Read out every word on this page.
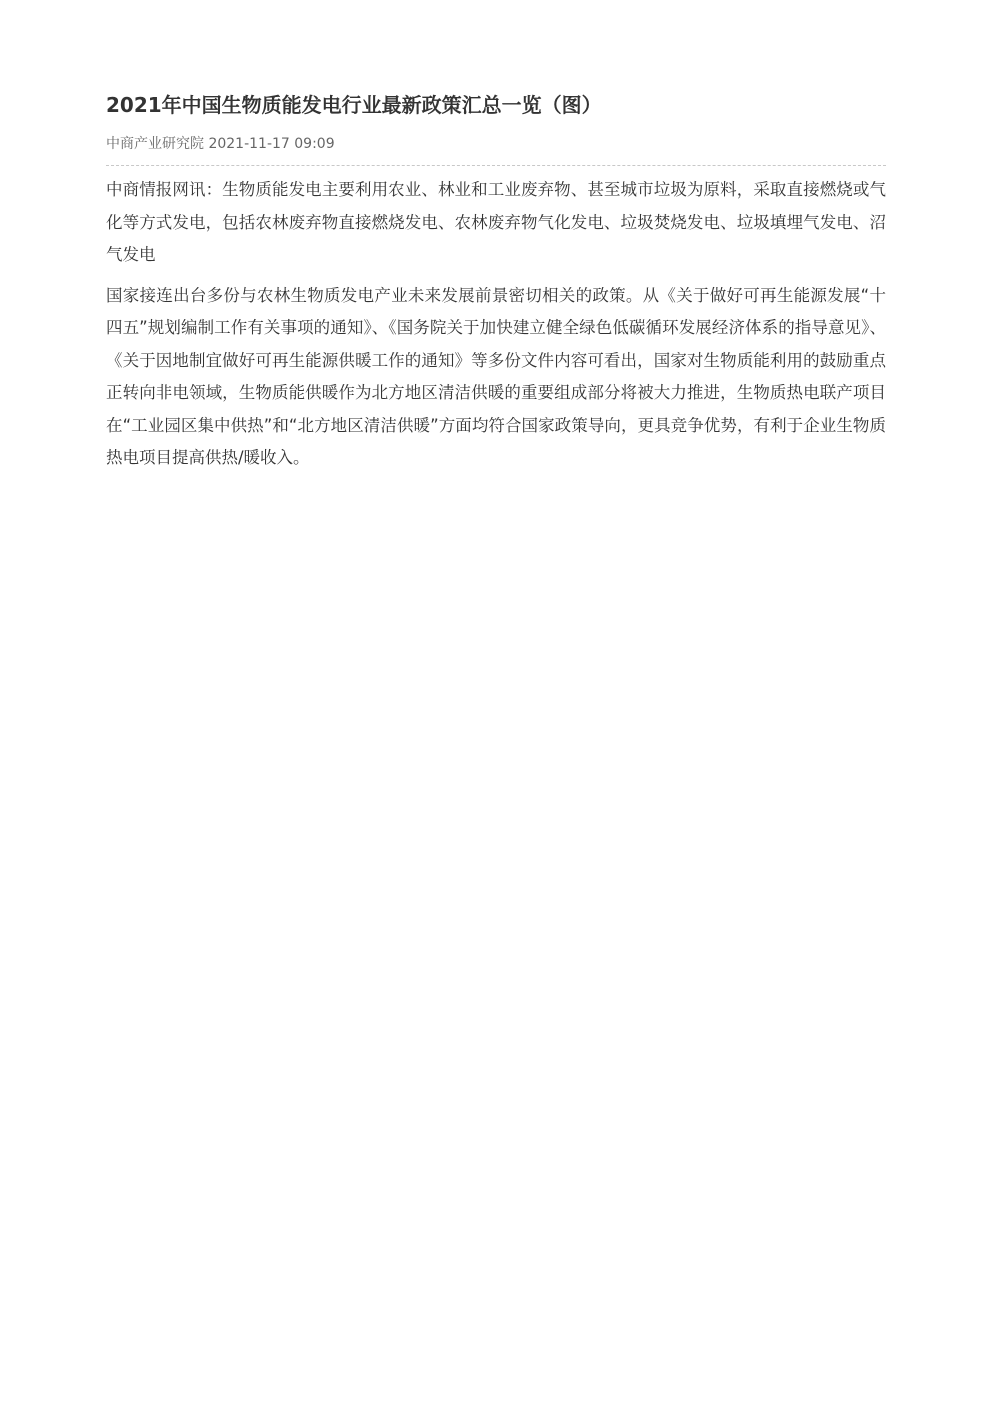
2021年中国生物质能发电行业最新政策汇总一览（图）
中商产业研究院 2021-11-17 09:09

中商情报网讯：生物质能发电主要利用农业、林业和工业废弃物、甚至城市垃圾为原料，采取直接燃烧或气化等方式发电，包括农林废弃物直接燃烧发电、农林废弃物气化发电、垃圾焚烧发电、垃圾填埋气发电、沼气发电

国家接连出台多份与农林生物质发电产业未来发展前景密切相关的政策。从《关于做好可再生能源发展“十四五”规划编制工作有关事项的通知》、《国务院关于加快建立健全绿色低碳循环发展经济体系的指导意见》、《关于因地制宜做好可再生能源供暖工作的通知》等多份文件内容可看出，国家对生物质能利用的鼓励重点正转向非电领域，生物质能供暖作为北方地区清洁供暖的重要组成部分将被大力推进，生物质热电联产项目在“工业园区集中供热”和“北方地区清洁供暖”方面均符合国家政策导向，更具竞争优势，有利于企业生物质热电项目提高供热/暖收入。
